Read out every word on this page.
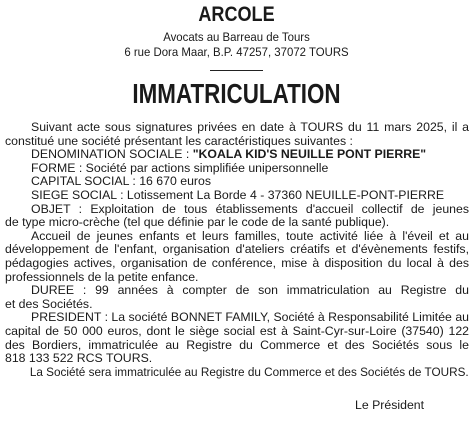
ARCOLE
Avocats au Barreau de Tours
6 rue Dora Maar, B.P. 47257, 37072 TOURS
IMMATRICULATION
Suivant acte sous signatures privées en date à TOURS du 11 mars 2025, il a
constitué une société présentant les caractéristiques suivantes :
DENOMINATION SOCIALE : "KOALA KID'S NEUILLE PONT PIERRE"
FORME : Société par actions simplifiée unipersonnelle
CAPITAL SOCIAL : 16 670 euros
SIEGE SOCIAL : Lotissement La Borde 4 - 37360 NEUILLE-PONT-PIERRE
OBJET : Exploitation de tous établissements d'accueil collectif de jeunes
de type micro-crèche (tel que définie par le code de la santé publique).
Accueil de jeunes enfants et leurs familles, toute activité liée à l'éveil et au
développement de l'enfant, organisation d'ateliers créatifs et d'évènements festifs,
pédagogies actives, organisation de conférence, mise à disposition du local à des
professionnels de la petite enfance.
DUREE : 99 années à compter de son immatriculation au Registre du
et des Sociétés.
PRESIDENT : La société BONNET FAMILY, Société à Responsabilité Limitée au
capital de 50 000 euros, dont le siège social est à Saint-Cyr-sur-Loire (37540) 122
des Bordiers, immatriculée au Registre du Commerce et des Sociétés sous le
818 133 522 RCS TOURS.
La Société sera immatriculée au Registre du Commerce et des Sociétés de TOURS.
Le Président
